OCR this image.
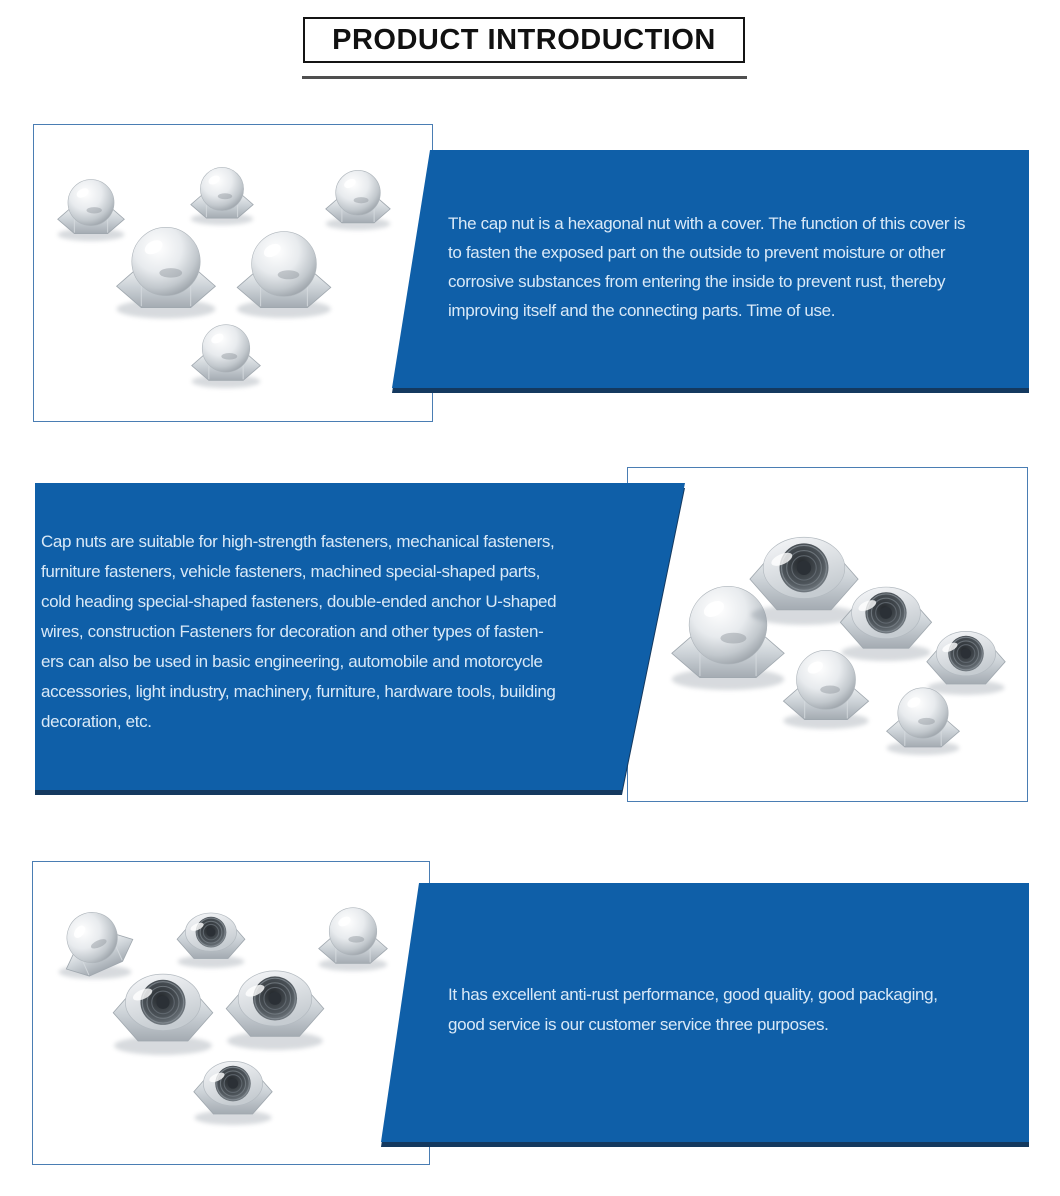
PRODUCT INTRODUCTION
The cap nut is a hexagonal nut with a cover. The function of this cover is
to fasten the exposed part on the outside to prevent moisture or other
corrosive substances from entering the inside to prevent rust, thereby
improving itself and the connecting parts. Time of use.
Cap nuts are suitable for high-strength fasteners, mechanical fasteners,
furniture fasteners, vehicle fasteners, machined special-shaped parts,
cold heading special-shaped fasteners, double-ended anchor U-shaped
wires, construction Fasteners for decoration and other types of fasten-
ers can also be used in basic engineering, automobile and motorcycle
accessories, light industry, machinery, furniture, hardware tools, building
decoration, etc.
It has excellent anti-rust performance, good quality, good packaging,
good service is our customer service three purposes.
